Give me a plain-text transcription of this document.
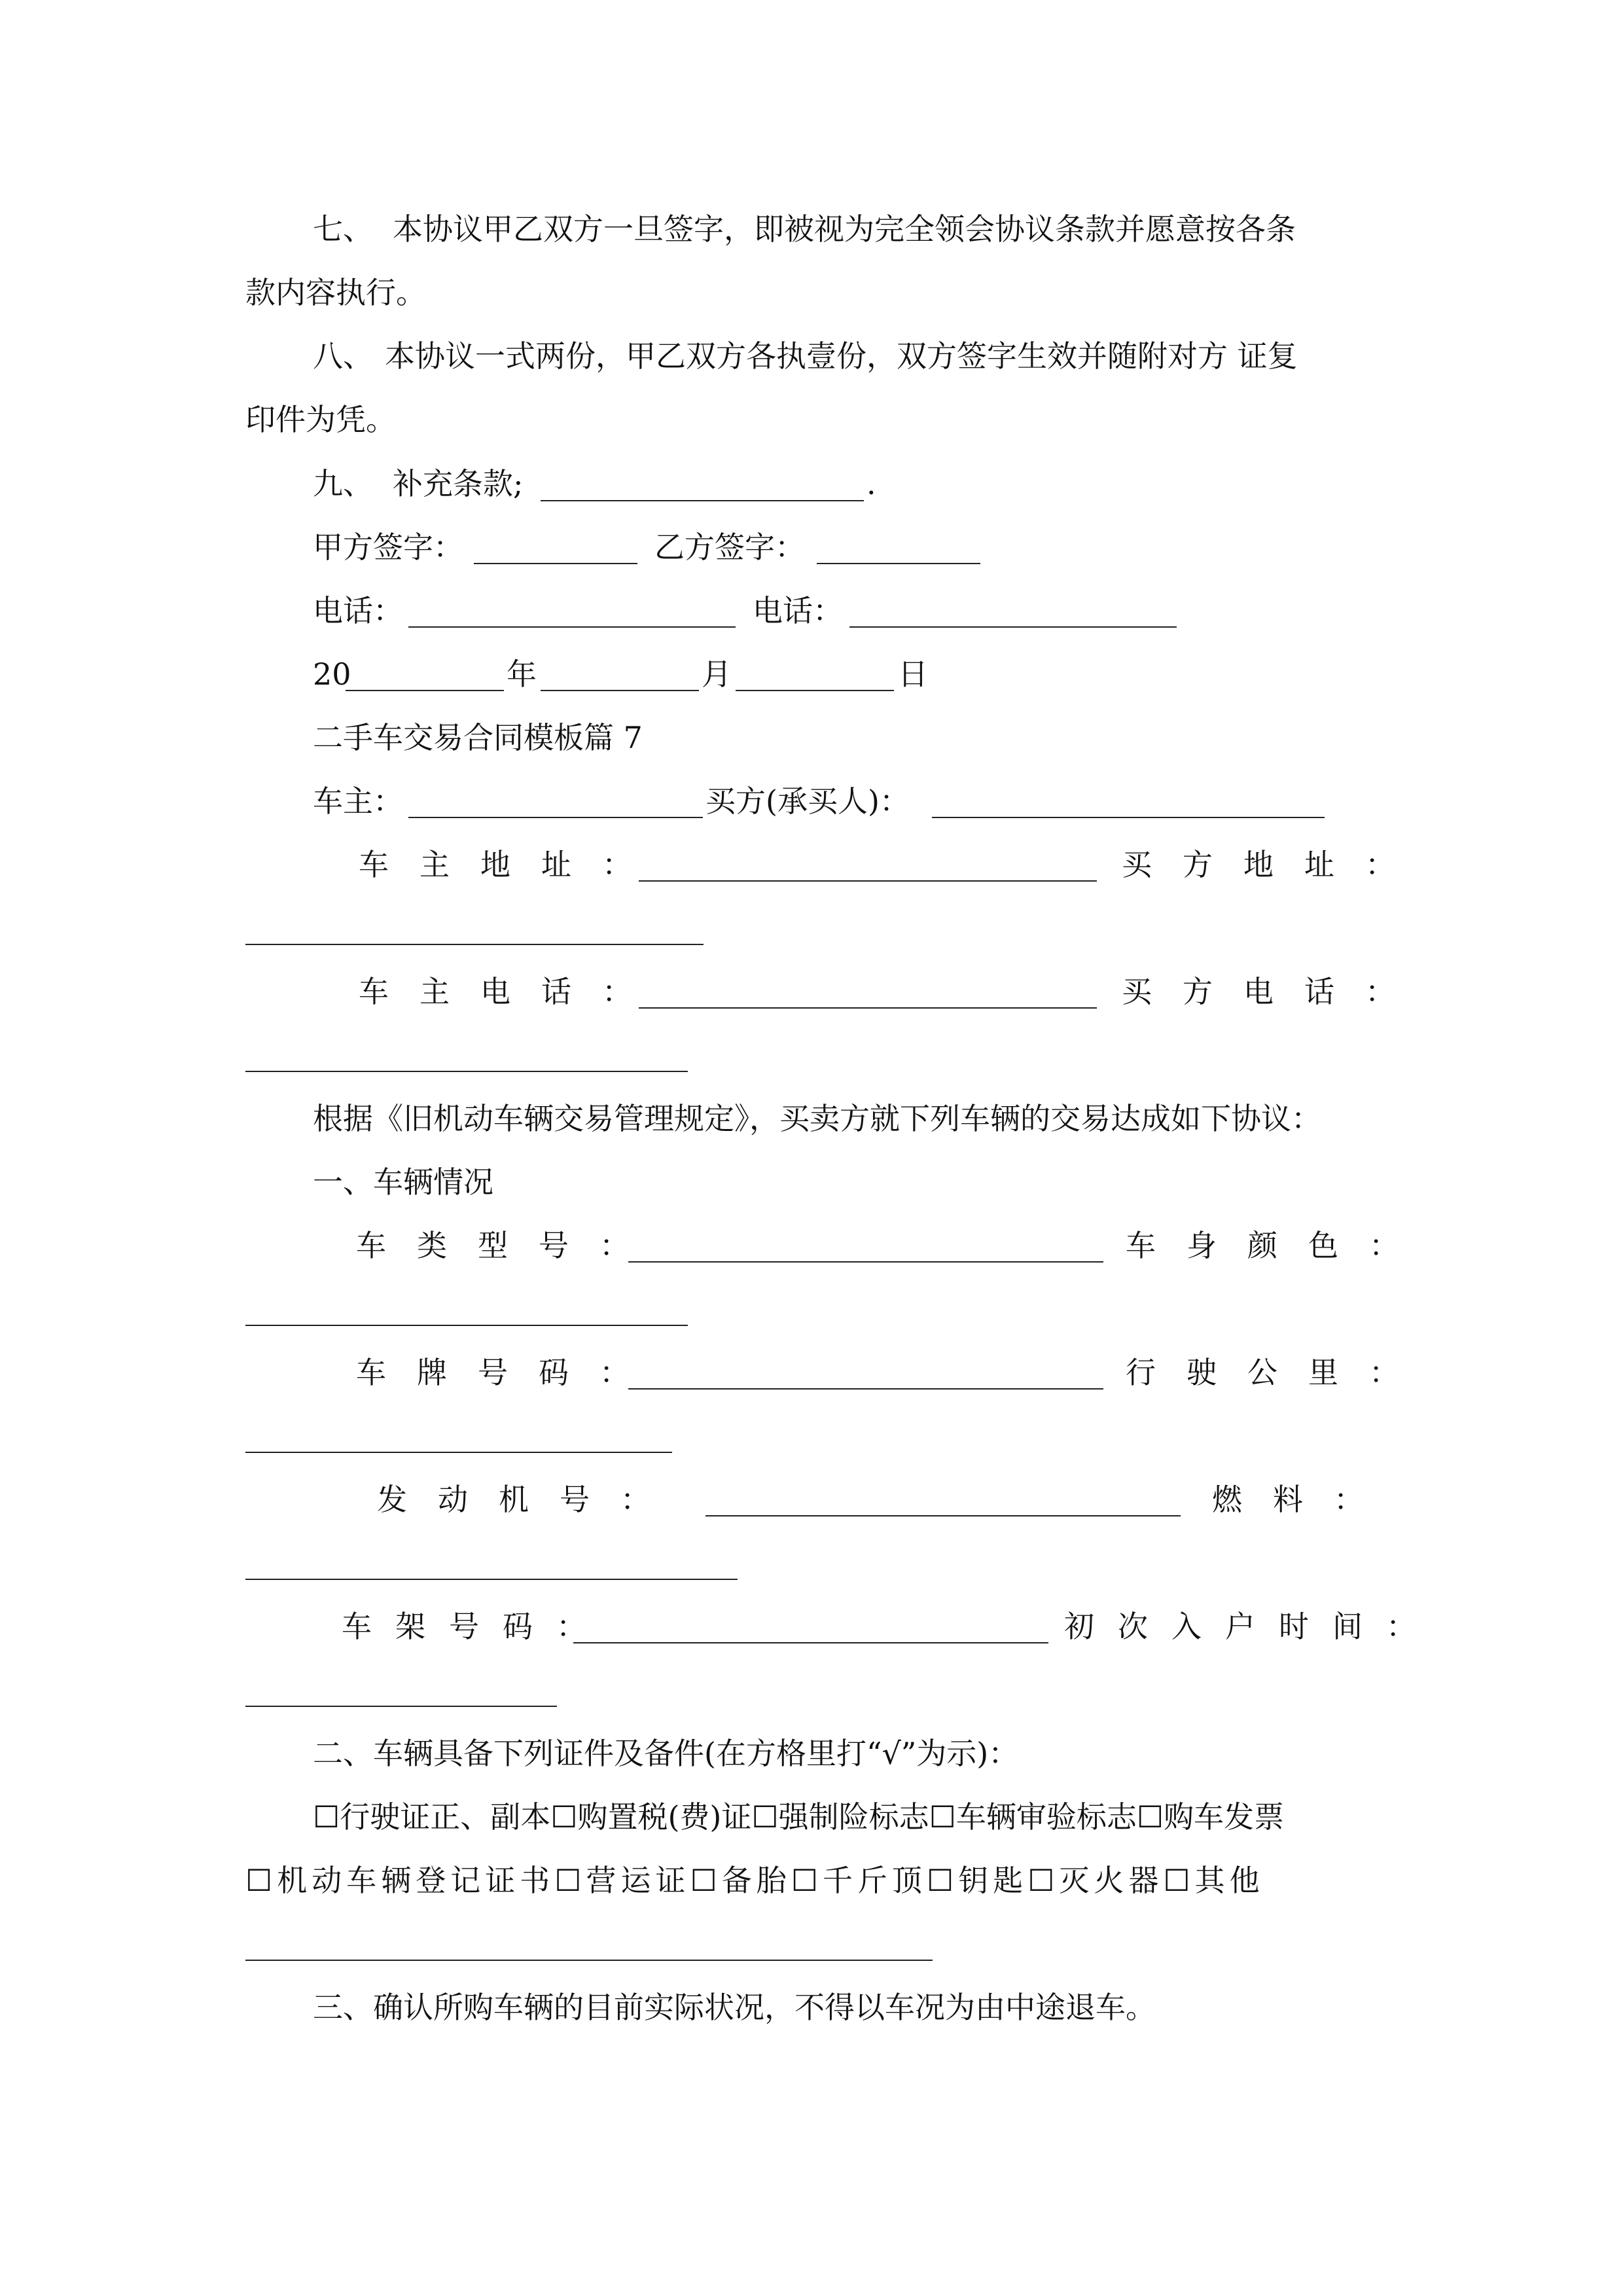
七、 本协议甲乙双方一旦签字，即被视为完全领会协议条款并愿意按各条
款内容执行。
八、 本协议一式两份，甲乙双方各执壹份，双方签字生效并随附对方 证复
印件为凭。
九、 补充条款;	.
甲方签字：	乙方签字：
电话：	电话：
20	年	月	日
二手车交易合同模板篇 7
车主：	买方(承买人)：
车主地址：	买方地址：
车主电话：	买方电话：
根据《旧机动车辆交易管理规定》，买卖方就下列车辆的交易达成如下协议：
一、车辆情况
车类型号：	车身颜色：
车牌号码：	行驶公里：
发动机号：	燃料：
车架号码：	初次入户时间：
二、车辆具备下列证件及备件(在方格里打“√”为示)：
☐行驶证正、副本☐购置税(费)证☐强制险标志☐车辆审验标志☐购车发票
☐机动车辆登记证书☐营运证☐备胎☐千斤顶☐钥匙☐灭火器☐其他
三、确认所购车辆的目前实际状况，不得以车况为由中途退车。
